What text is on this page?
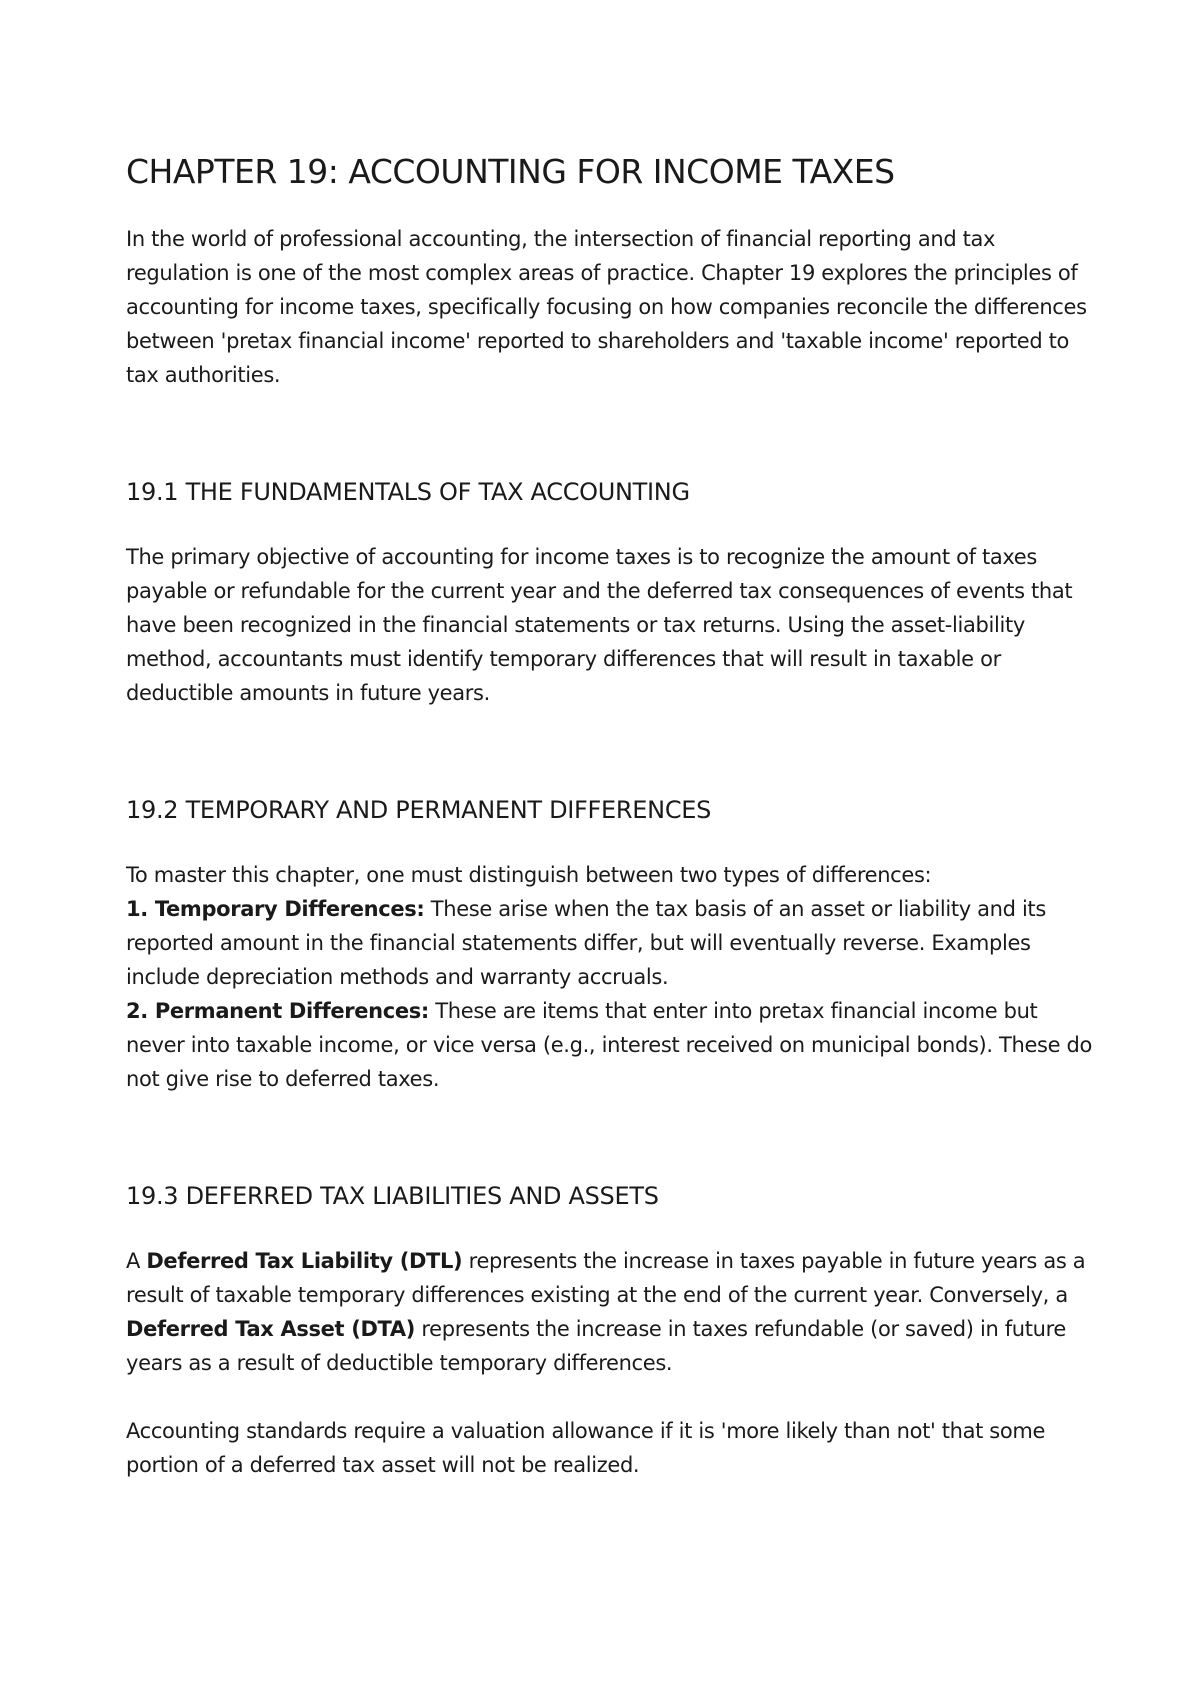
CHAPTER 19: ACCOUNTING FOR INCOME TAXES

In the world of professional accounting, the intersection of financial reporting and tax regulation is one of the most complex areas of practice. Chapter 19 explores the principles of accounting for income taxes, specifically focusing on how companies reconcile the differences between 'pretax financial income' reported to shareholders and 'taxable income' reported to tax authorities.

19.1 THE FUNDAMENTALS OF TAX ACCOUNTING

The primary objective of accounting for income taxes is to recognize the amount of taxes payable or refundable for the current year and the deferred tax consequences of events that have been recognized in the financial statements or tax returns. Using the asset-liability method, accountants must identify temporary differences that will result in taxable or deductible amounts in future years.

19.2 TEMPORARY AND PERMANENT DIFFERENCES

To master this chapter, one must distinguish between two types of differences:
1. Temporary Differences: These arise when the tax basis of an asset or liability and its reported amount in the financial statements differ, but will eventually reverse. Examples include depreciation methods and warranty accruals.
2. Permanent Differences: These are items that enter into pretax financial income but never into taxable income, or vice versa (e.g., interest received on municipal bonds). These do not give rise to deferred taxes.

19.3 DEFERRED TAX LIABILITIES AND ASSETS

A Deferred Tax Liability (DTL) represents the increase in taxes payable in future years as a result of taxable temporary differences existing at the end of the current year. Conversely, a Deferred Tax Asset (DTA) represents the increase in taxes refundable (or saved) in future years as a result of deductible temporary differences.

Accounting standards require a valuation allowance if it is 'more likely than not' that some portion of a deferred tax asset will not be realized.
